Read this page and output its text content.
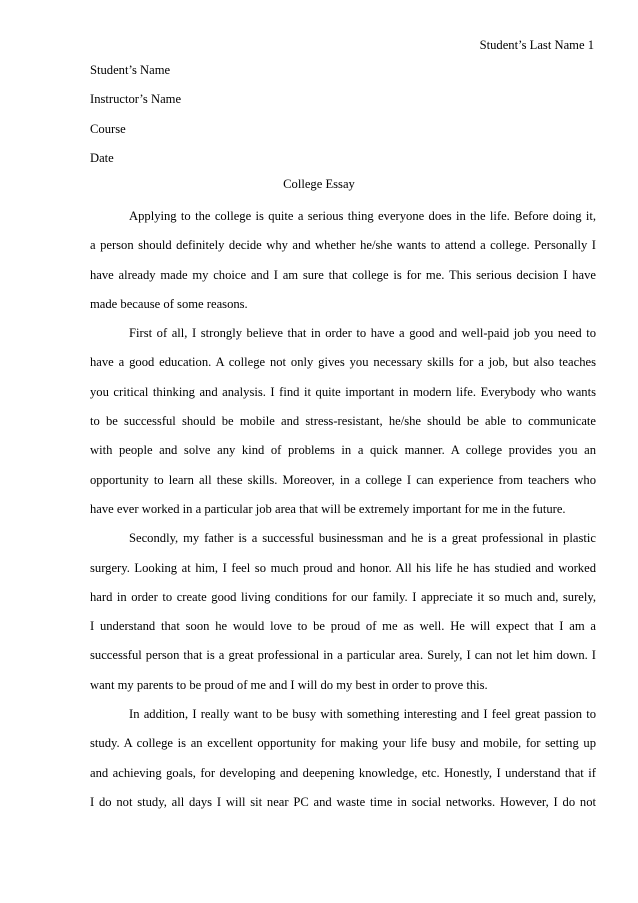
Student’s Last Name 1
Student’s Name
Instructor’s Name
Course
Date
College Essay
Applying to the college is quite a serious thing everyone does in the life. Before doing it,
a person should definitely decide why and whether he/she wants to attend a college. Personally I
have already made my choice and I am sure that college is for me. This serious decision I have
made because of some reasons.
First of all, I strongly believe that in order to have a good and well-paid job you need to
have a good education. A college not only gives you necessary skills for a job, but also teaches
you critical thinking and analysis. I find it quite important in modern life. Everybody who wants
to be successful should be mobile and stress-resistant, he/she should be able to communicate
with people and solve any kind of problems in a quick manner. A college provides you an
opportunity to learn all these skills. Moreover, in a college I can experience from teachers who
have ever worked in a particular job area that will be extremely important for me in the future.
Secondly, my father is a successful businessman and he is a great professional in plastic
surgery. Looking at him, I feel so much proud and honor. All his life he has studied and worked
hard in order to create good living conditions for our family. I appreciate it so much and, surely,
I understand that soon he would love to be proud of me as well. He will expect that I am a
successful person that is a great professional in a particular area. Surely, I can not let him down. I
want my parents to be proud of me and I will do my best in order to prove this.
In addition, I really want to be busy with something interesting and I feel great passion to
study. A college is an excellent opportunity for making your life busy and mobile, for setting up
and achieving goals, for developing and deepening knowledge, etc. Honestly, I understand that if
I do not study, all days I will sit near PC and waste time in social networks. However, I do not
